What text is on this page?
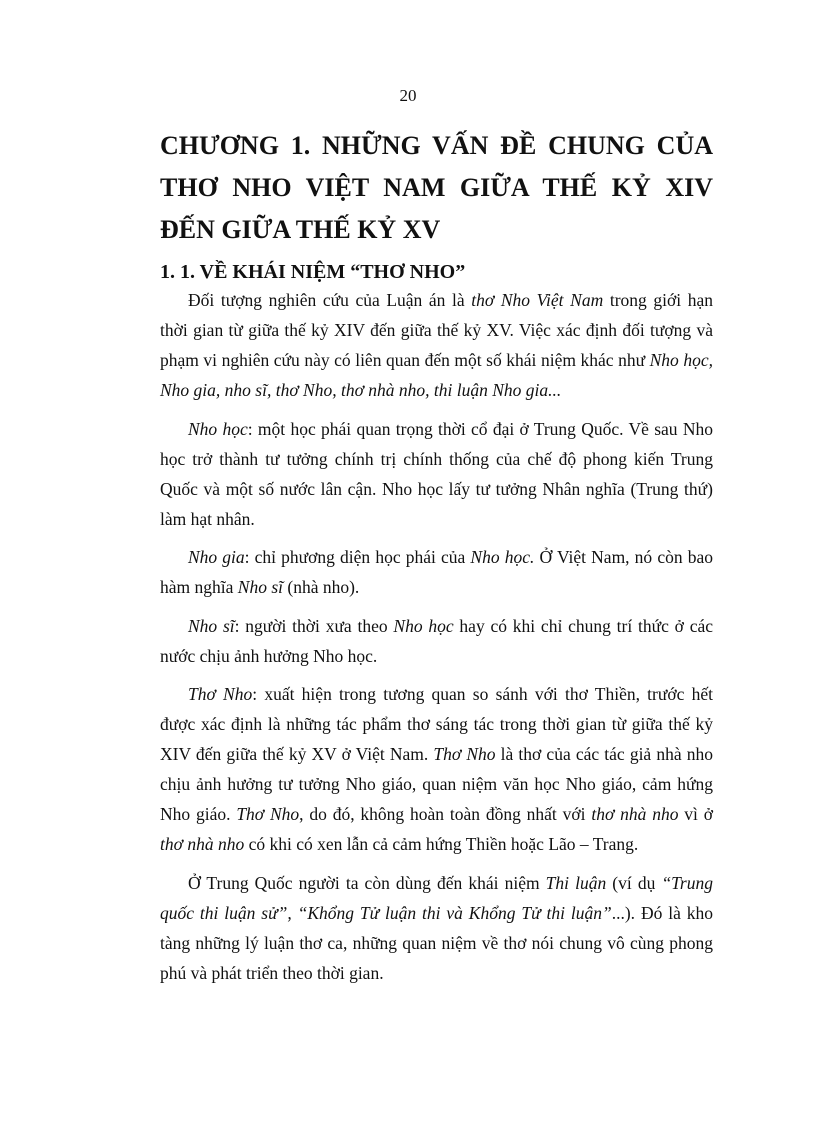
20
CHƯƠNG 1. NHỮNG VẤN ĐỀ CHUNG CỦA THƠ NHO VIỆT NAM GIỮA THẾ KỶ XIV ĐẾN GIỮA THẾ KỶ XV
1. 1. VỀ KHÁI NIỆM “THƠ NHO”

Đối tượng nghiên cứu của Luận án là thơ Nho Việt Nam trong giới hạn thời gian từ giữa thế kỷ XIV đến giữa thế kỷ XV. Việc xác định đối tượng và phạm vi nghiên cứu này có liên quan đến một số khái niệm khác như Nho học, Nho gia, nho sĩ, thơ Nho, thơ nhà nho, thi luận Nho gia...

Nho học: một học phái quan trọng thời cổ đại ở Trung Quốc. Về sau Nho học trở thành tư tưởng chính trị chính thống của chế độ phong kiến Trung Quốc và một số nước lân cận. Nho học lấy tư tưởng Nhân nghĩa (Trung thứ) làm hạt nhân.

Nho gia: chỉ phương diện học phái của Nho học. Ở Việt Nam, nó còn bao hàm nghĩa Nho sĩ (nhà nho).

Nho sĩ: người thời xưa theo Nho học hay có khi chỉ chung trí thức ở các nước chịu ảnh hưởng Nho học.

Thơ Nho: xuất hiện trong tương quan so sánh với thơ Thiền, trước hết được xác định là những tác phẩm thơ sáng tác trong thời gian từ giữa thế kỷ XIV đến giữa thế kỷ XV ở Việt Nam. Thơ Nho là thơ của các tác giả nhà nho chịu ảnh hưởng tư tưởng Nho giáo, quan niệm văn học Nho giáo, cảm hứng Nho giáo. Thơ Nho, do đó, không hoàn toàn đồng nhất với thơ nhà nho vì ở thơ nhà nho có khi có xen lẫn cả cảm hứng Thiền hoặc Lão – Trang.

Ở Trung Quốc người ta còn dùng đến khái niệm Thi luận (ví dụ “Trung quốc thi luận sử”, “Khổng Tử luận thi và Khổng Tử thi luận”...). Đó là kho tàng những lý luận thơ ca, những quan niệm về thơ nói chung vô cùng phong phú và phát triển theo thời gian.
